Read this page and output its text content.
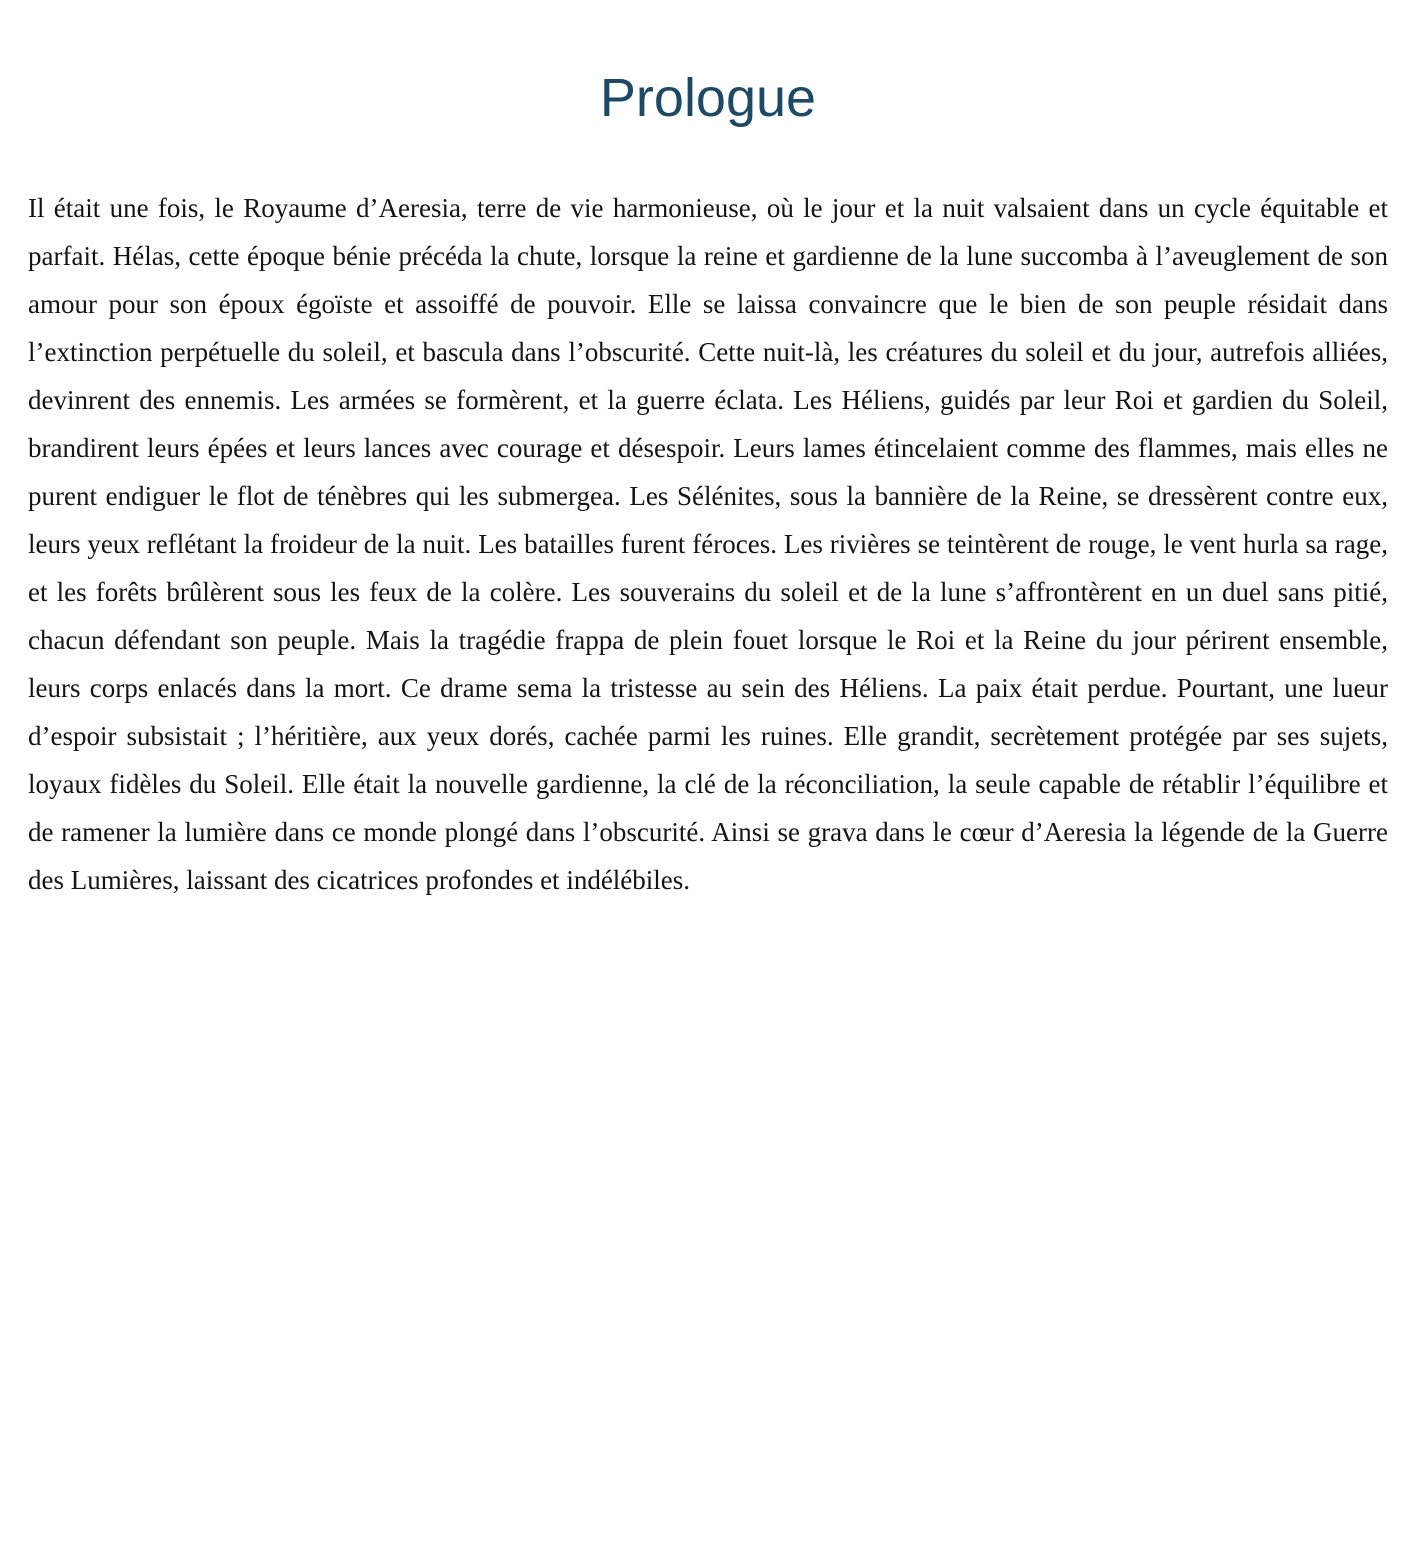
Prologue

Il était une fois, le Royaume d’Aeresia, terre de vie harmonieuse, où le jour et la nuit valsaient dans un cycle équitable et parfait. Hélas, cette époque bénie précéda la chute, lorsque la reine et gardienne de la lune succomba à l’aveuglement de son amour pour son époux égoïste et assoiffé de pouvoir. Elle se laissa convaincre que le bien de son peuple résidait dans l’extinction perpétuelle du soleil, et bascula dans l’obscurité. Cette nuit-là, les créatures du soleil et du jour, autrefois alliées, devinrent des ennemis. Les armées se formèrent, et la guerre éclata. Les Héliens, guidés par leur Roi et gardien du Soleil, brandirent leurs épées et leurs lances avec courage et désespoir. Leurs lames étincelaient comme des flammes, mais elles ne purent endiguer le flot de ténèbres qui les submergea. Les Sélénites, sous la bannière de la Reine, se dressèrent contre eux, leurs yeux reflétant la froideur de la nuit. Les batailles furent féroces. Les rivières se teintèrent de rouge, le vent hurla sa rage, et les forêts brûlèrent sous les feux de la colère. Les souverains du soleil et de la lune s’affrontèrent en un duel sans pitié, chacun défendant son peuple. Mais la tragédie frappa de plein fouet lorsque le Roi et la Reine du jour périrent ensemble, leurs corps enlacés dans la mort. Ce drame sema la tristesse au sein des Héliens. La paix était perdue. Pourtant, une lueur d’espoir subsistait ; l’héritière, aux yeux dorés, cachée parmi les ruines. Elle grandit, secrètement protégée par ses sujets, loyaux fidèles du Soleil. Elle était la nouvelle gardienne, la clé de la réconciliation, la seule capable de rétablir l’équilibre et de ramener la lumière dans ce monde plongé dans l’obscurité. Ainsi se grava dans le cœur d’Aeresia la légende de la Guerre des Lumières, laissant des cicatrices profondes et indélébiles.
